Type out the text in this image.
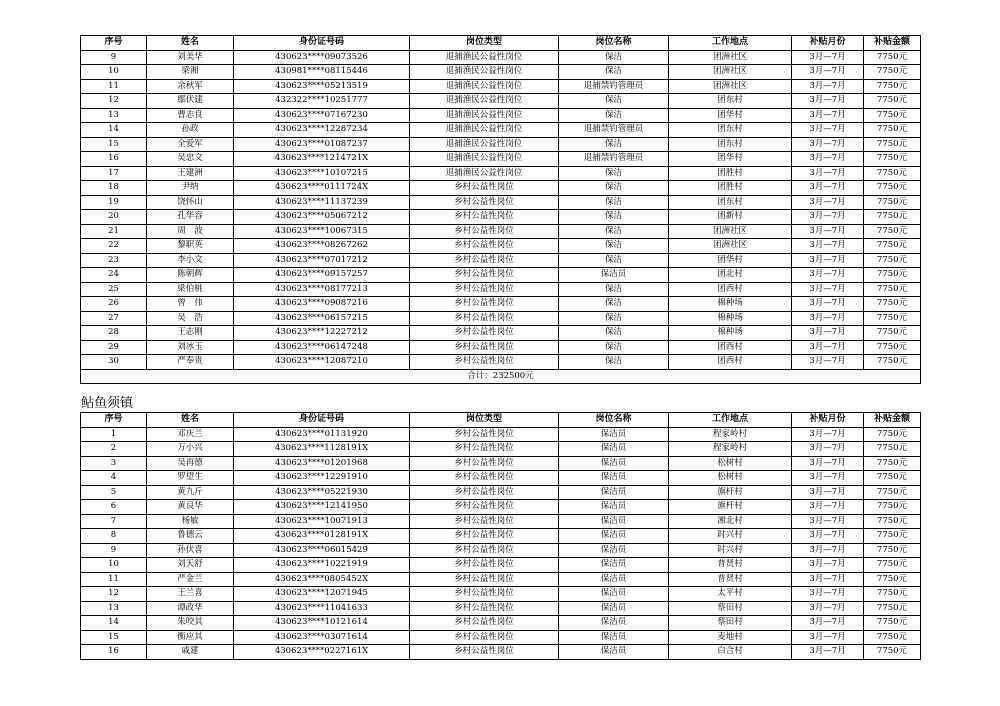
序号	姓名	身份证号码	岗位类型	岗位名称	工作地点	补贴月份	补贴金额
9	刘美华	430623****09073526	退捕渔民公益性岗位	保洁	团洲社区	3月—7月	7750元
10	梁湘	430981****08115446	退捕渔民公益性岗位	保洁	团洲社区	3月—7月	7750元
11	余秋军	430623****05213519	退捕渔民公益性岗位	退捕禁钓管理员	团洲社区	3月—7月	7750元
12	鄢伏建	432322****10251777	退捕渔民公益性岗位	保洁	团东村	3月—7月	7750元
13	曹志良	430623****07167230	退捕渔民公益性岗位	保洁	团华村	3月—7月	7750元
14	孙政	430623****12287234	退捕渔民公益性岗位	退捕禁钓管理员	团东村	3月—7月	7750元
15	全爱军	430623****01087237	退捕渔民公益性岗位	保洁	团东村	3月—7月	7750元
16	吴忠文	430623****1214721X	退捕渔民公益性岗位	退捕禁钓管理员	团华村	3月—7月	7750元
17	王建洲	430623****10107215	退捕渔民公益性岗位	保洁	团胜村	3月—7月	7750元
18	尹纳	430623****0111724X	乡村公益性岗位	保洁	团胜村	3月—7月	7750元
19	饶怀山	430623****11137239	乡村公益性岗位	保洁	团东村	3月—7月	7750元
20	孔华容	430623****05067212	乡村公益性岗位	保洁	团新村	3月—7月	7750元
21	周　波	430623****10067315	乡村公益性岗位	保洁	团洲社区	3月—7月	7750元
22	黎职英	430623****08267262	乡村公益性岗位	保洁	团洲社区	3月—7月	7750元
23	李小文	430623****07017212	乡村公益性岗位	保洁	团华村	3月—7月	7750元
24	陈朝辉	430623****09157257	乡村公益性岗位	保洁员	团北村	3月—7月	7750元
25	梁伯桃	430623****08177213	乡村公益性岗位	保洁	团西村	3月—7月	7750元
26	曾　伟	430623****09087216	乡村公益性岗位	保洁	棉种场	3月—7月	7750元
27	吴　浩	430623****06157215	乡村公益性岗位	保洁	棉种场	3月—7月	7750元
28	王志刚	430623****12227212	乡村公益性岗位	保洁	棉种场	3月—7月	7750元
29	刘冰玉	430623****06147248	乡村公益性岗位	保洁	团西村	3月—7月	7750元
30	严奉贵	430623****12087210	乡村公益性岗位	保洁	团西村	3月—7月	7750元
合计：232500元							
鲇鱼须镇
序号	姓名	身份证号码	岗位类型	岗位名称	工作地点	补贴月份	补贴金额
1	邓庆兰	430623****01131920	乡村公益性岗位	保洁员	程家岭村	3月—7月	7750元
2	万小兴	430623****1128191X	乡村公益性岗位	保洁员	程家岭村	3月—7月	7750元
3	吴再德	430623****01201968	乡村公益性岗位	保洁员	松树村	3月—7月	7750元
4	罗望生	430623****12291910	乡村公益性岗位	保洁员	松树村	3月—7月	7750元
5	黄九斤	430623****05221930	乡村公益性岗位	保洁员	旗杆村	3月—7月	7750元
6	黄良华	430623****12141950	乡村公益性岗位	保洁员	旗杆村	3月—7月	7750元
7	杨敏	430623****10071913	乡村公益性岗位	保洁员	湘北村	3月—7月	7750元
8	鲁德云	430623****0128191X	乡村公益性岗位	保洁员	时兴村	3月—7月	7750元
9	孙伏喜	430623****06015429	乡村公益性岗位	保洁员	时兴村	3月—7月	7750元
10	刘天舒	430623****10221919	乡村公益性岗位	保洁员	普贤村	3月—7月	7750元
11	严金兰	430623****0805452X	乡村公益性岗位	保洁员	普贤村	3月—7月	7750元
12	王兰喜	430623****12071945	乡村公益性岗位	保洁员	太平村	3月—7月	7750元
13	谭政华	430623****11041633	乡村公益性岗位	保洁员	蔡田村	3月—7月	7750元
14	朱咬其	430623****10121614	乡村公益性岗位	保洁员	蔡田村	3月—7月	7750元
15	衡应其	430623****03071614	乡村公益性岗位	保洁员	麦地村	3月—7月	7750元
16	戚建	430623****0227161X	乡村公益性岗位	保洁员	白合村	3月—7月	7750元
